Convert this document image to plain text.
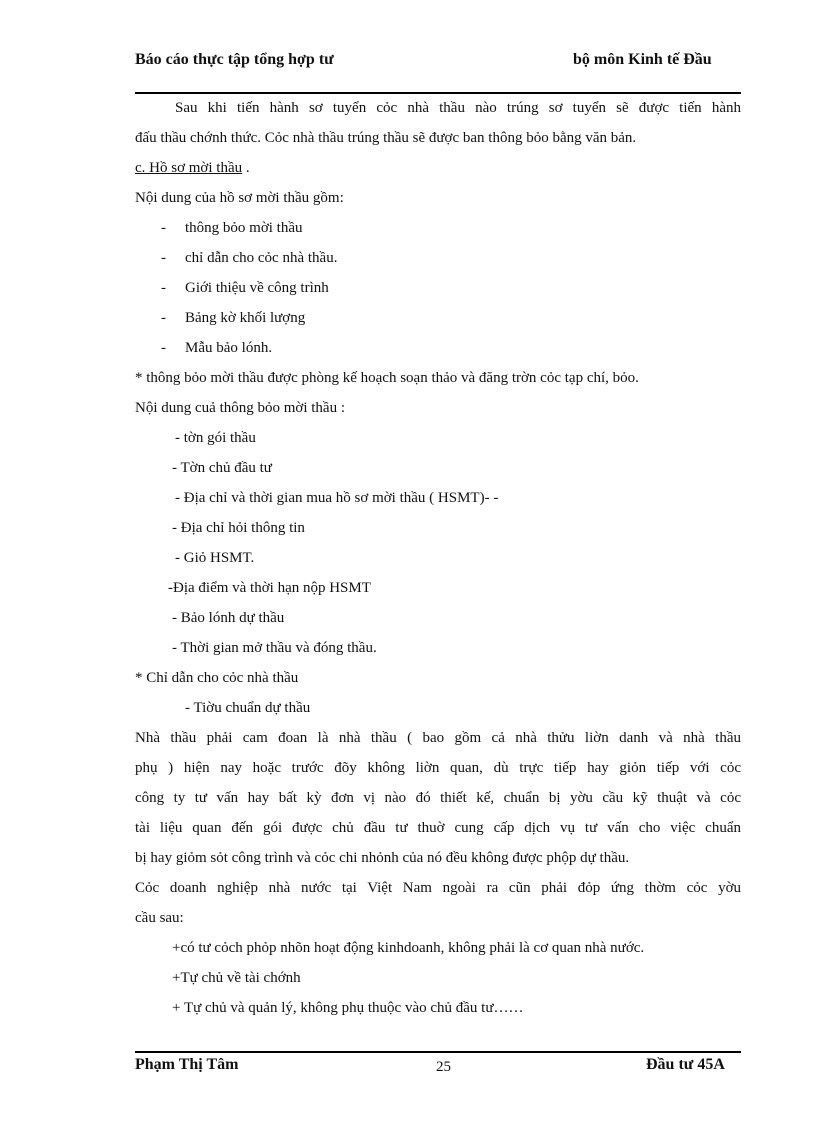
Báo cáo thực tập tổng hợp tư	bộ môn Kinh tế Đầu
Sau khi tiến hành sơ tuyển cỏc nhà thầu nào trúng sơ tuyển sẽ được tiến hành
đấu thầu chớnh thức. Cỏc nhà thầu trúng thầu sẽ được ban thông bỏo bằng văn bản.
c. Hồ sơ mời thầu .
Nội dung của hồ sơ mời thầu gồm:
- thông bỏo mời thầu
- chỉ dẫn cho cỏc nhà thầu.
- Giới thiệu về công trình
- Bảng kờ khối lượng
- Mẫu bảo lónh.
* thông bỏo mời thầu được phòng kế hoạch soạn thảo và đăng trờn cỏc tạp chí, bỏo.
Nội dung cuả thông bỏo mời thầu :
- tờn gói thầu
- Tờn chủ đầu tư
- Địa chỉ và thời gian mua hồ sơ mời thầu ( HSMT)- -
- Địa chỉ hỏi thông tin
- Giỏ HSMT.
-Địa điểm và thời hạn nộp HSMT
- Bảo lónh dự thầu
- Thời gian mở thầu và đóng thầu.
* Chỉ dẫn cho cỏc nhà thầu
- Tiờu chuẩn dự thầu
Nhà thầu phải cam đoan là nhà thầu ( bao gồm cả nhà thửu liờn danh và nhà thầu
phụ ) hiện nay hoặc trước đõy không liờn quan, dù trực tiếp hay giỏn tiếp với cỏc
công ty tư vấn hay bất kỳ đơn vị nào đó thiết kế, chuẩn bị yờu cầu kỹ thuật và cỏc
tài liệu quan đến gói được chủ đầu tư thuờ cung cấp dịch vụ tư vấn cho việc chuẩn
bị hay giỏm sỏt công trình và cỏc chi nhỏnh của nó đều không được phộp dự thầu.
Cỏc doanh nghiệp nhà nước tại Việt Nam ngoài ra cũn phải đỏp ứng thờm cỏc yờu
cầu sau:
+có tư cỏch phỏp nhõn hoạt động kinhdoanh, không phải là cơ quan nhà nước.
+Tự chủ về tài chớnh
+ Tự chủ và quản lý, không phụ thuộc vào chủ đầu tư……
Phạm Thị Tâm	25	Đầu tư 45A
